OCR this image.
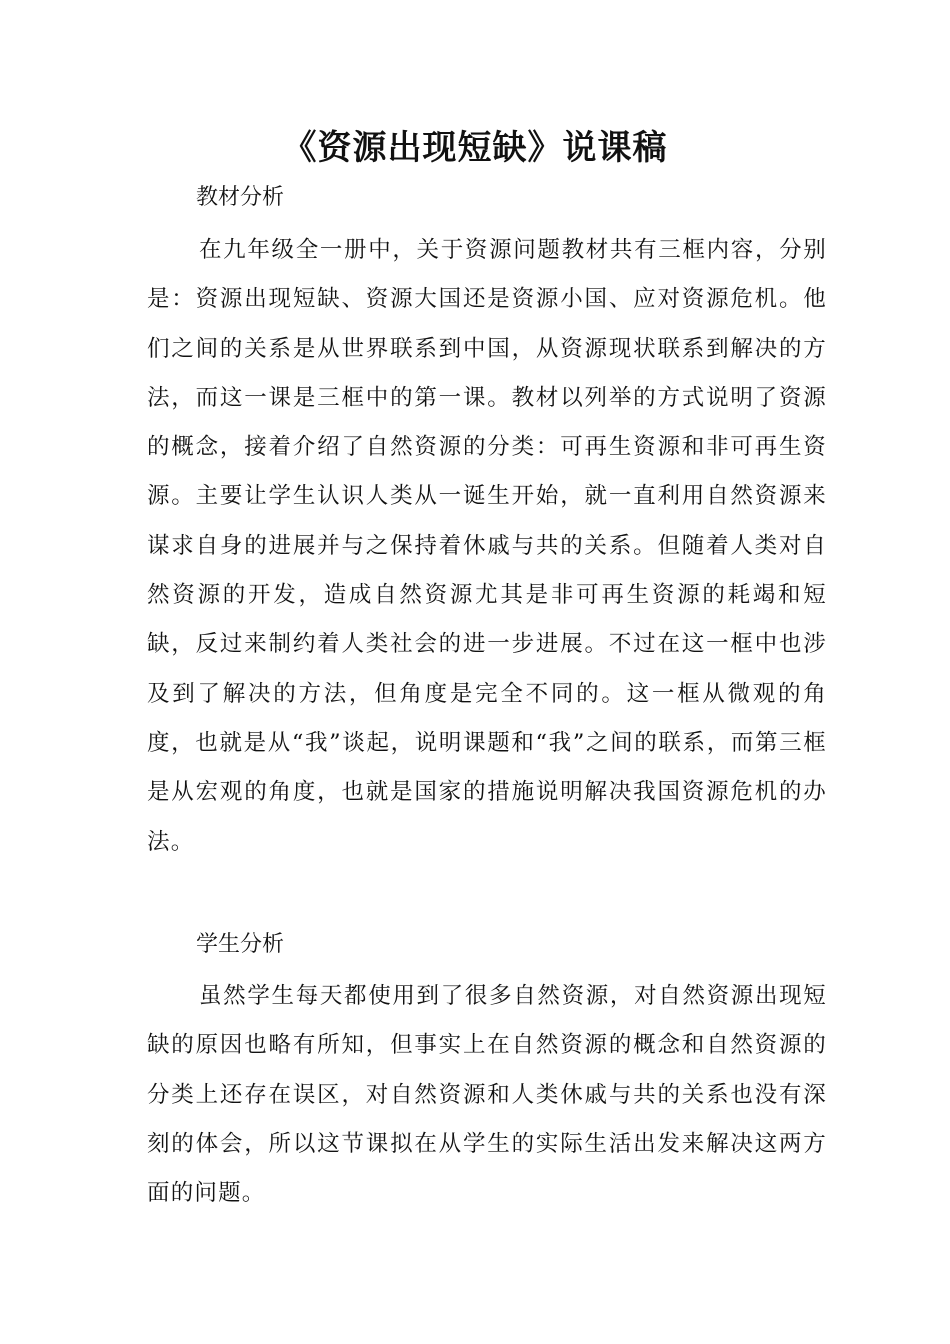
《资源出现短缺》说课稿
教材分析

在九年级全一册中，关于资源问题教材共有三框内容，分别是：资源出现短缺、资源大国还是资源小国、应对资源危机。他们之间的关系是从世界联系到中国，从资源现状联系到解决的方法，而这一课是三框中的第一课。教材以列举的方式说明了资源的概念，接着介绍了自然资源的分类：可再生资源和非可再生资源。主要让学生认识人类从一诞生开始，就一直利用自然资源来谋求自身的进展并与之保持着休戚与共的关系。但随着人类对自然资源的开发，造成自然资源尤其是非可再生资源的耗竭和短缺，反过来制约着人类社会的进一步进展。不过在这一框中也涉及到了解决的方法，但角度是完全不同的。这一框从微观的角度，也就是从“我”谈起，说明课题和“我”之间的联系，而第三框是从宏观的角度，也就是国家的措施说明解决我国资源危机的办法。

学生分析

虽然学生每天都使用到了很多自然资源，对自然资源出现短缺的原因也略有所知，但事实上在自然资源的概念和自然资源的分类上还存在误区，对自然资源和人类休戚与共的关系也没有深刻的体会，所以这节课拟在从学生的实际生活出发来解决这两方面的问题。
